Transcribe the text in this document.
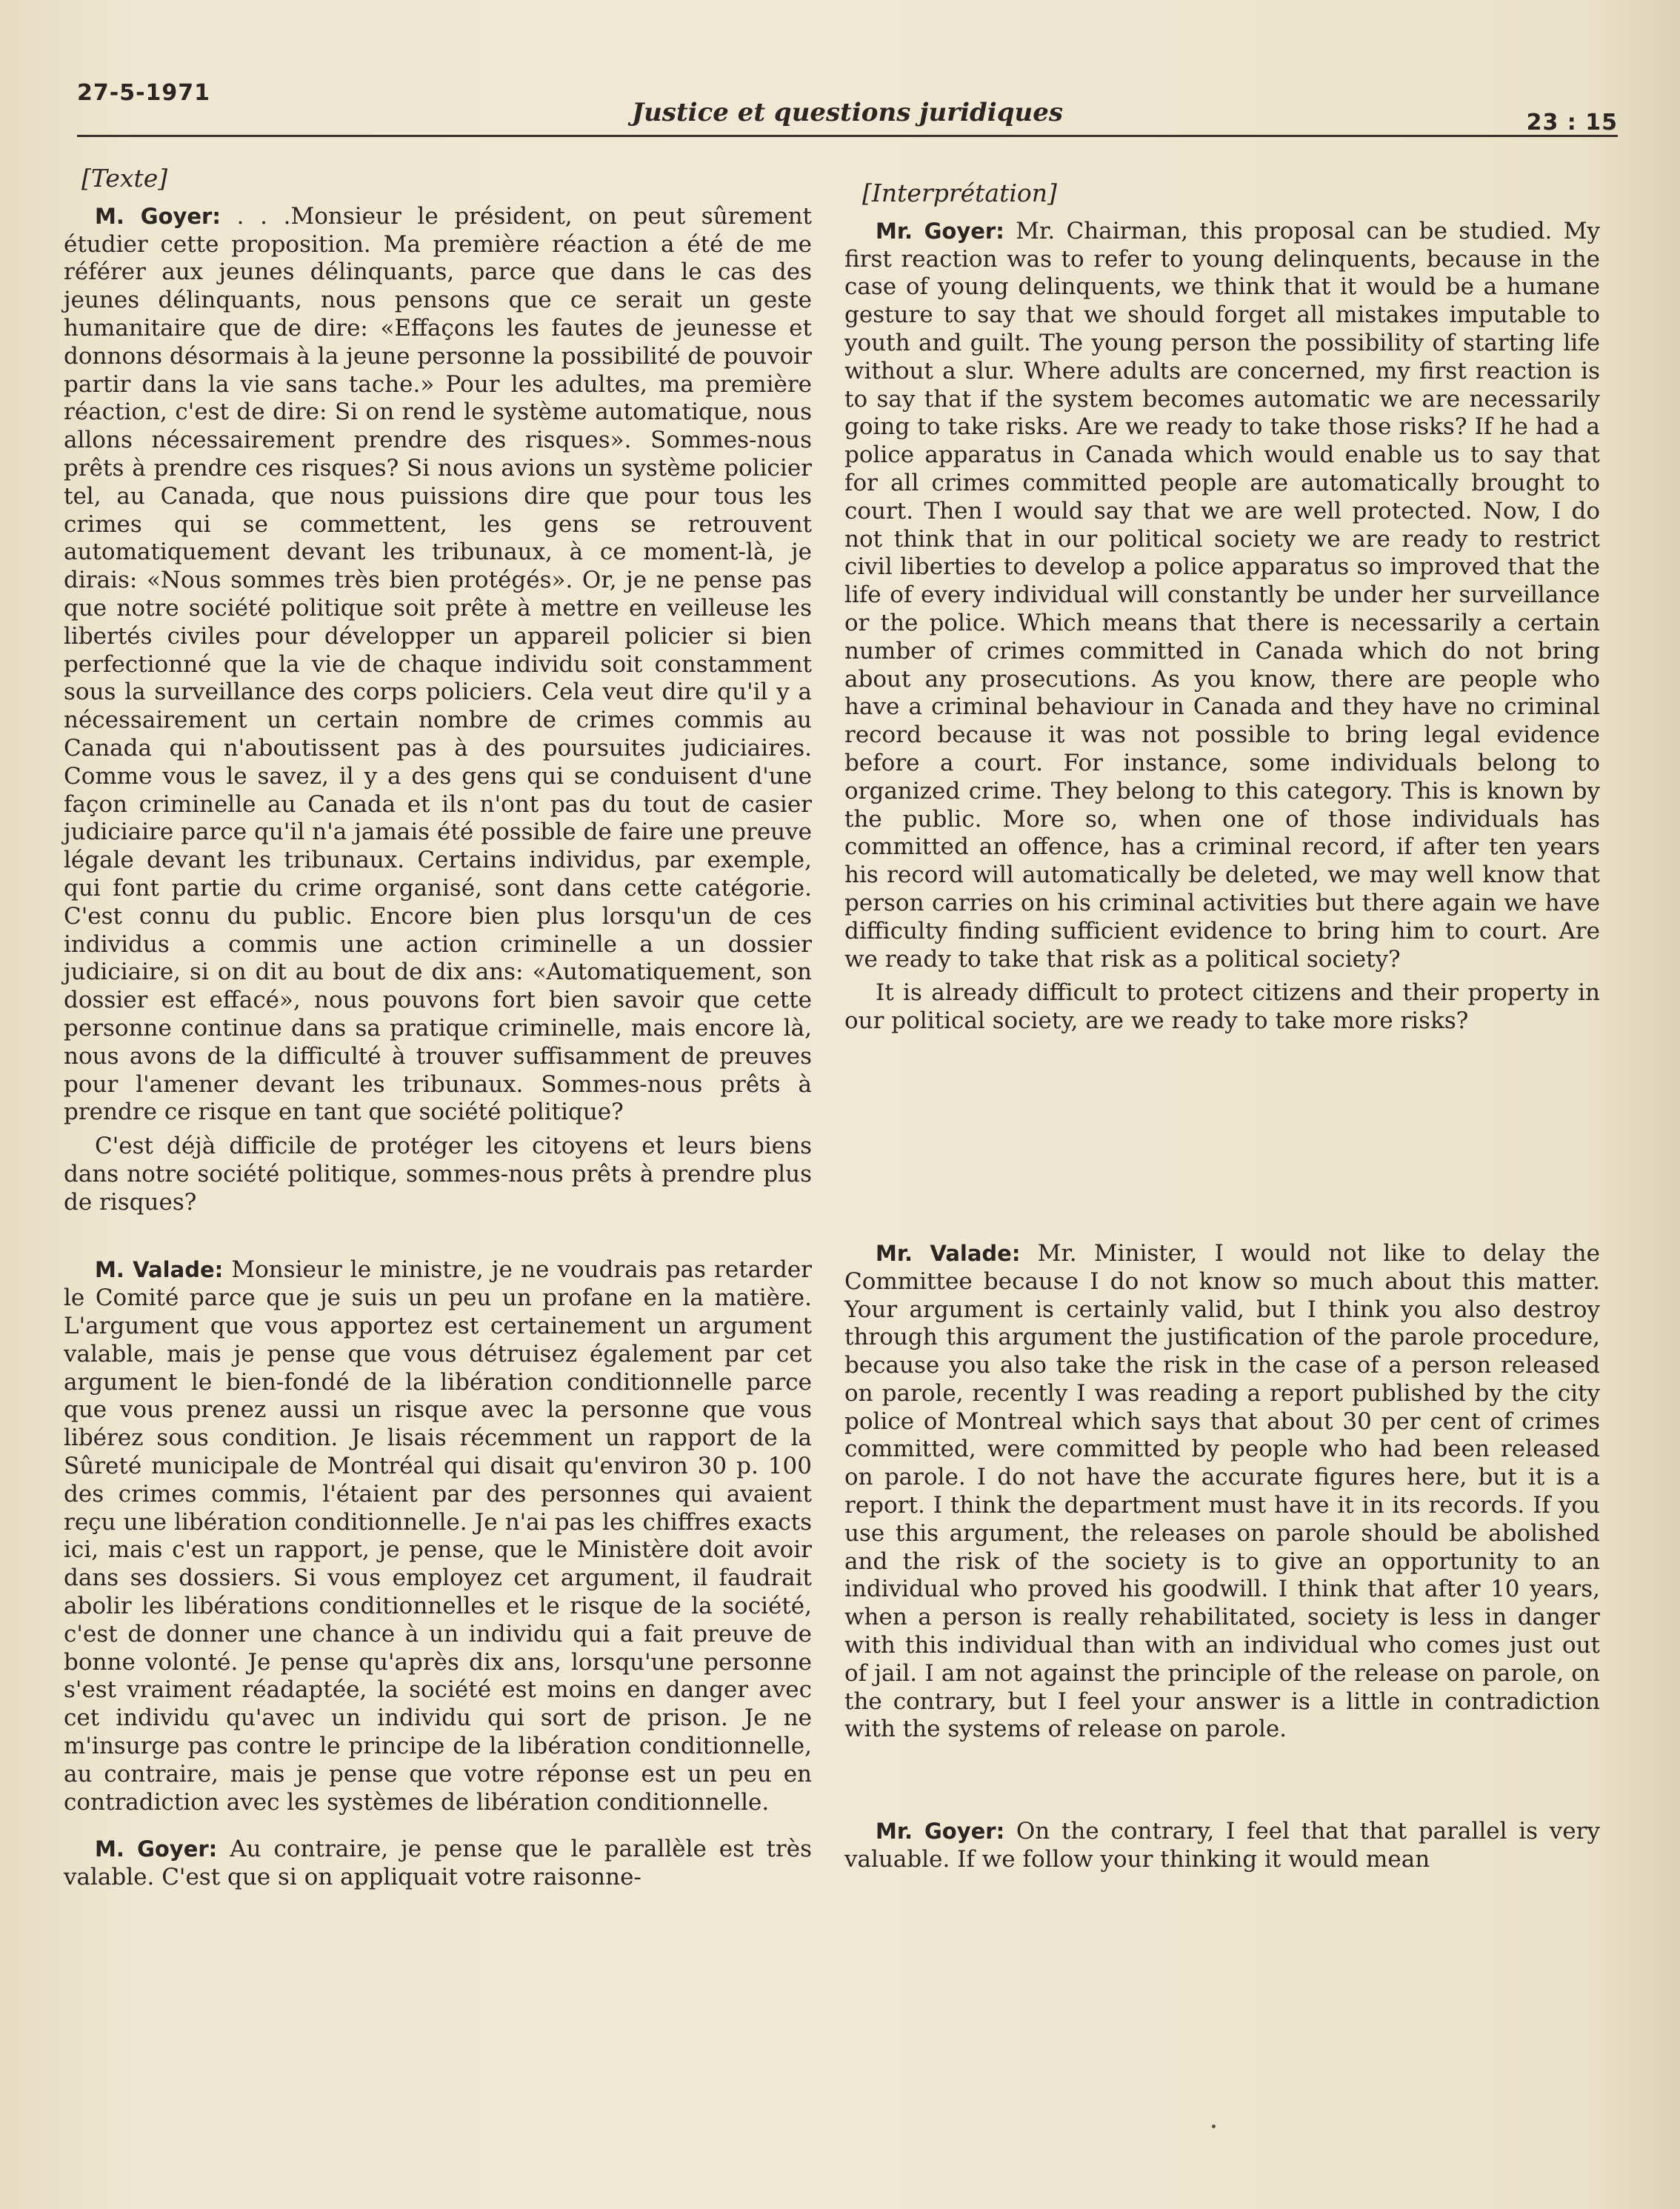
27-5-1971
Justice et questions juridiques	23 : 15
[Texte]

M. Goyer: . . .Monsieur le président, on peut sûrement étudier cette proposition. Ma première réaction a été de me référer aux jeunes délinquants, parce que dans le cas des jeunes délinquants, nous pensons que ce serait un geste humanitaire que de dire: «Effaçons les fautes de jeunesse et donnons désormais à la jeune personne la possibilité de pouvoir partir dans la vie sans tache.» Pour les adultes, ma première réaction, c'est de dire: Si on rend le système automatique, nous allons nécessairement prendre des risques». Sommes-nous prêts à prendre ces risques? Si nous avions un système policier tel, au Canada, que nous puissions dire que pour tous les crimes qui se commettent, les gens se retrouvent automatiquement devant les tribunaux, à ce moment-là, je dirais: «Nous sommes très bien protégés». Or, je ne pense pas que notre société politique soit prête à mettre en veilleuse les libertés civiles pour développer un appareil policier si bien perfectionné que la vie de chaque individu soit constamment sous la surveillance des corps policiers. Cela veut dire qu'il y a nécessairement un certain nombre de crimes commis au Canada qui n'aboutissent pas à des poursuites judiciaires. Comme vous le savez, il y a des gens qui se conduisent d'une façon criminelle au Canada et ils n'ont pas du tout de casier judiciaire parce qu'il n'a jamais été possible de faire une preuve légale devant les tribunaux. Certains individus, par exemple, qui font partie du crime organisé, sont dans cette catégorie. C'est connu du public. Encore bien plus lorsqu'un de ces individus a commis une action criminelle a un dossier judiciaire, si on dit au bout de dix ans: «Automatiquement, son dossier est effacé», nous pouvons fort bien savoir que cette personne continue dans sa pratique criminelle, mais encore là, nous avons de la difficulté à trouver suffisamment de preuves pour l'amener devant les tribunaux. Sommes-nous prêts à prendre ce risque en tant que société politique?

C'est déjà difficile de protéger les citoyens et leurs biens dans notre société politique, sommes-nous prêts à prendre plus de risques?

M. Valade: Monsieur le ministre, je ne voudrais pas retarder le Comité parce que je suis un peu un profane en la matière. L'argument que vous apportez est certainement un argument valable, mais je pense que vous détruisez également par cet argument le bien-fondé de la libération conditionnelle parce que vous prenez aussi un risque avec la personne que vous libérez sous condition. Je lisais récemment un rapport de la Sûreté municipale de Montréal qui disait qu'environ 30 p. 100 des crimes commis, l'étaient par des personnes qui avaient reçu une libération conditionnelle. Je n'ai pas les chiffres exacts ici, mais c'est un rapport, je pense, que le Ministère doit avoir dans ses dossiers. Si vous employez cet argument, il faudrait abolir les libérations conditionnelles et le risque de la société, c'est de donner une chance à un individu qui a fait preuve de bonne volonté. Je pense qu'après dix ans, lorsqu'une personne s'est vraiment réadaptée, la société est moins en danger avec cet individu qu'avec un individu qui sort de prison. Je ne m'insurge pas contre le principe de la libération conditionnelle, au contraire, mais je pense que votre réponse est un peu en contradiction avec les systèmes de libération conditionnelle.

M. Goyer: Au contraire, je pense que le parallèle est très valable. C'est que si on appliquait votre raisonne-

[Interprétation]

Mr. Goyer: Mr. Chairman, this proposal can be studied. My first reaction was to refer to young delinquents, because in the case of young delinquents, we think that it would be a humane gesture to say that we should forget all mistakes imputable to youth and guilt. The young person the possibility of starting life without a slur. Where adults are concerned, my first reaction is to say that if the system becomes automatic we are necessarily going to take risks. Are we ready to take those risks? If he had a police apparatus in Canada which would enable us to say that for all crimes committed people are automatically brought to court. Then I would say that we are well protected. Now, I do not think that in our political society we are ready to restrict civil liberties to develop a police apparatus so improved that the life of every individual will constantly be under her surveillance or the police. Which means that there is necessarily a certain number of crimes committed in Canada which do not bring about any prosecutions. As you know, there are people who have a criminal behaviour in Canada and they have no criminal record because it was not possible to bring legal evidence before a court. For instance, some individuals belong to organized crime. They belong to this category. This is known by the public. More so, when one of those individuals has committed an offence, has a criminal record, if after ten years his record will automatically be deleted, we may well know that person carries on his criminal activities but there again we have difficulty finding sufficient evidence to bring him to court. Are we ready to take that risk as a political society?

It is already difficult to protect citizens and their property in our political society, are we ready to take more risks?

Mr. Valade: Mr. Minister, I would not like to delay the Committee because I do not know so much about this matter. Your argument is certainly valid, but I think you also destroy through this argument the justification of the parole procedure, because you also take the risk in the case of a person released on parole, recently I was reading a report published by the city police of Montreal which says that about 30 per cent of crimes committed, were committed by people who had been released on parole. I do not have the accurate figures here, but it is a report. I think the department must have it in its records. If you use this argument, the releases on parole should be abolished and the risk of the society is to give an opportunity to an individual who proved his goodwill. I think that after 10 years, when a person is really rehabilitated, society is less in danger with this individual than with an individual who comes just out of jail. I am not against the principle of the release on parole, on the contrary, but I feel your answer is a little in contradiction with the systems of release on parole.

Mr. Goyer: On the contrary, I feel that that parallel is very valuable. If we follow your thinking it would mean
